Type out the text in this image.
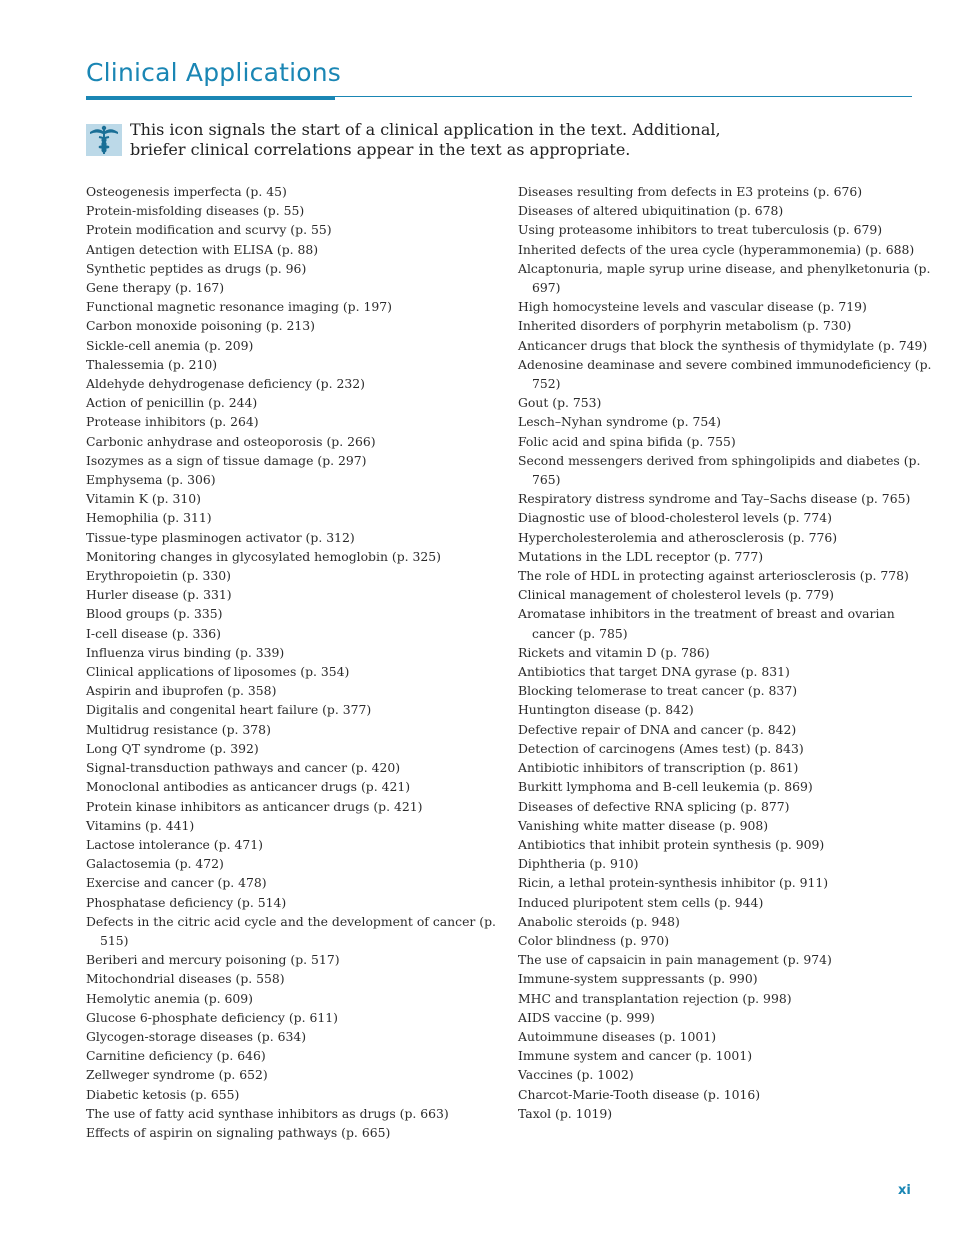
Clinical Applications
This icon signals the start of a clinical application in the text. Additional, briefer clinical correlations appear in the text as appropriate.

Osteogenesis imperfecta (p. 45)

Protein-misfolding diseases (p. 55)

Protein modification and scurvy (p. 55)

Antigen detection with ELISA (p. 88)

Synthetic peptides as drugs (p. 96)

Gene therapy (p. 167)

Functional magnetic resonance imaging (p. 197)

Carbon monoxide poisoning (p. 213)

Sickle-cell anemia (p. 209)

Thalessemia (p. 210)

Aldehyde dehydrogenase deficiency (p. 232)

Action of penicillin (p. 244)

Protease inhibitors (p. 264)

Carbonic anhydrase and osteoporosis (p. 266)

Isozymes as a sign of tissue damage (p. 297)

Emphysema (p. 306)

Vitamin K (p. 310)

Hemophilia (p. 311)

Tissue-type plasminogen activator (p. 312)

Monitoring changes in glycosylated hemoglobin (p. 325)

Erythropoietin (p. 330)

Hurler disease (p. 331)

Blood groups (p. 335)

I-cell disease (p. 336)

Influenza virus binding (p. 339)

Clinical applications of liposomes (p. 354)

Aspirin and ibuprofen (p. 358)

Digitalis and congenital heart failure (p. 377)

Multidrug resistance (p. 378)

Long QT syndrome (p. 392)

Signal-transduction pathways and cancer (p. 420)

Monoclonal antibodies as anticancer drugs (p. 421)

Protein kinase inhibitors as anticancer drugs (p. 421)

Vitamins (p. 441)

Lactose intolerance (p. 471)

Galactosemia (p. 472)

Exercise and cancer (p. 478)

Phosphatase deficiency (p. 514)

Defects in the citric acid cycle and the development of cancer (p. 515)

Beriberi and mercury poisoning (p. 517)

Mitochondrial diseases (p. 558)

Hemolytic anemia (p. 609)

Glucose 6-phosphate deficiency (p. 611)

Glycogen-storage diseases (p. 634)

Carnitine deficiency (p. 646)

Zellweger syndrome (p. 652)

Diabetic ketosis (p. 655)

The use of fatty acid synthase inhibitors as drugs (p. 663)

Effects of aspirin on signaling pathways (p. 665)

Diseases resulting from defects in E3 proteins (p. 676)

Diseases of altered ubiquitination (p. 678)

Using proteasome inhibitors to treat tuberculosis (p. 679)

Inherited defects of the urea cycle (hyperammonemia) (p. 688)

Alcaptonuria, maple syrup urine disease, and phenylketonuria (p. 697)

High homocysteine levels and vascular disease (p. 719)

Inherited disorders of porphyrin metabolism (p. 730)

Anticancer drugs that block the synthesis of thymidylate (p. 749)

Adenosine deaminase and severe combined immunodeficiency (p. 752)

Gout (p. 753)

Lesch–Nyhan syndrome (p. 754)

Folic acid and spina bifida (p. 755)

Second messengers derived from sphingolipids and diabetes (p. 765)

Respiratory distress syndrome and Tay–Sachs disease (p. 765)

Diagnostic use of blood-cholesterol levels (p. 774)

Hypercholesterolemia and atherosclerosis (p. 776)

Mutations in the LDL receptor (p. 777)

The role of HDL in protecting against arteriosclerosis (p. 778)

Clinical management of cholesterol levels (p. 779)

Aromatase inhibitors in the treatment of breast and ovarian cancer (p. 785)

Rickets and vitamin D (p. 786)

Antibiotics that target DNA gyrase (p. 831)

Blocking telomerase to treat cancer (p. 837)

Huntington disease (p. 842)

Defective repair of DNA and cancer (p. 842)

Detection of carcinogens (Ames test) (p. 843)

Antibiotic inhibitors of transcription (p. 861)

Burkitt lymphoma and B-cell leukemia (p. 869)

Diseases of defective RNA splicing (p. 877)

Vanishing white matter disease (p. 908)

Antibiotics that inhibit protein synthesis (p. 909)

Diphtheria (p. 910)

Ricin, a lethal protein-synthesis inhibitor (p. 911)

Induced pluripotent stem cells (p. 944)

Anabolic steroids (p. 948)

Color blindness (p. 970)

The use of capsaicin in pain management (p. 974)

Immune-system suppressants (p. 990)

MHC and transplantation rejection (p. 998)

AIDS vaccine (p. 999)

Autoimmune diseases (p. 1001)

Immune system and cancer (p. 1001)

Vaccines (p. 1002)

Charcot-Marie-Tooth disease (p. 1016)

Taxol (p. 1019)

xi
